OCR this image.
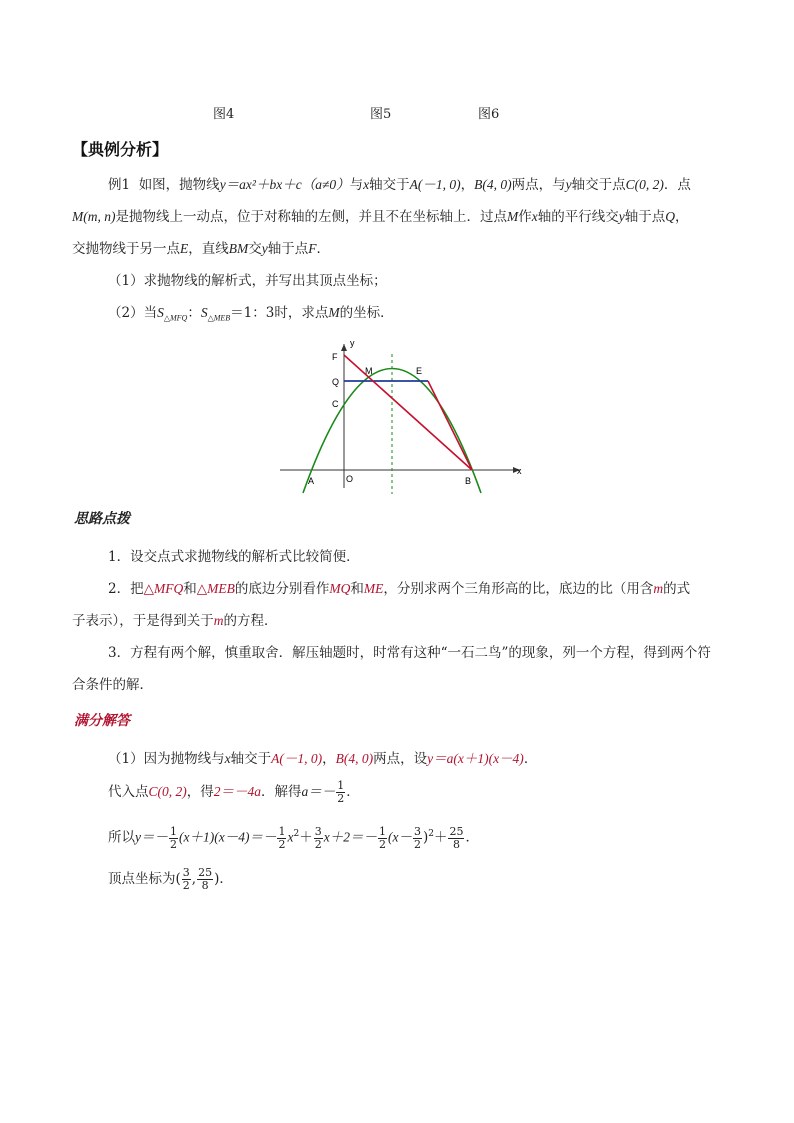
图4	图5	图6
【典例分析】
例1 如图，抛物线y＝ax²＋bx＋c（a≠0）与x轴交于A(－1, 0)，B(4, 0)两点，与y轴交于点C(0, 2)．点
M(m, n)是抛物线上一动点，位于对称轴的左侧，并且不在坐标轴上．过点M作x轴的平行线交y轴于点Q，
交抛物线于另一点E，直线BM交y轴于点F．
（1）求抛物线的解析式，并写出其顶点坐标；
（2）当$S_{\triangle MFQ}$：$S_{\triangle MEB}=1$：3时，求点M的坐标．
F
M	E
Q
C
A	O	B
x
y
思路点拨
1．设交点式求抛物线的解析式比较简便．
2．把△MFQ和△MEB的底边分别看作MQ和ME，分别求两个三角形高的比，底边的比（用含m的式
子表示），于是得到关于m的方程．
3．方程有两个解，慎重取舍．解压轴题时，时常有这种“一石二鸟”的现象，列一个方程，得到两个符
合条件的解．
满分解答
（1）因为抛物线与x轴交于A(－1, 0)，B(4, 0)两点，设y＝a(x＋1)(x－4)．
代入点C(0, 2)，得2＝－4a．解得$a=- \frac{1}{2}$ ．
所以$y=- \frac{1}{2} (x+1)(x-4)=- \frac{1}{2} x^2+ \frac{3}{2} x+2=- \frac{1}{2} (x- \frac{3}{2} )^2+ \frac{25}{8}$ ．
顶点坐标为( $\frac{3}{2}$ , $\frac{25}{8}$ )．
